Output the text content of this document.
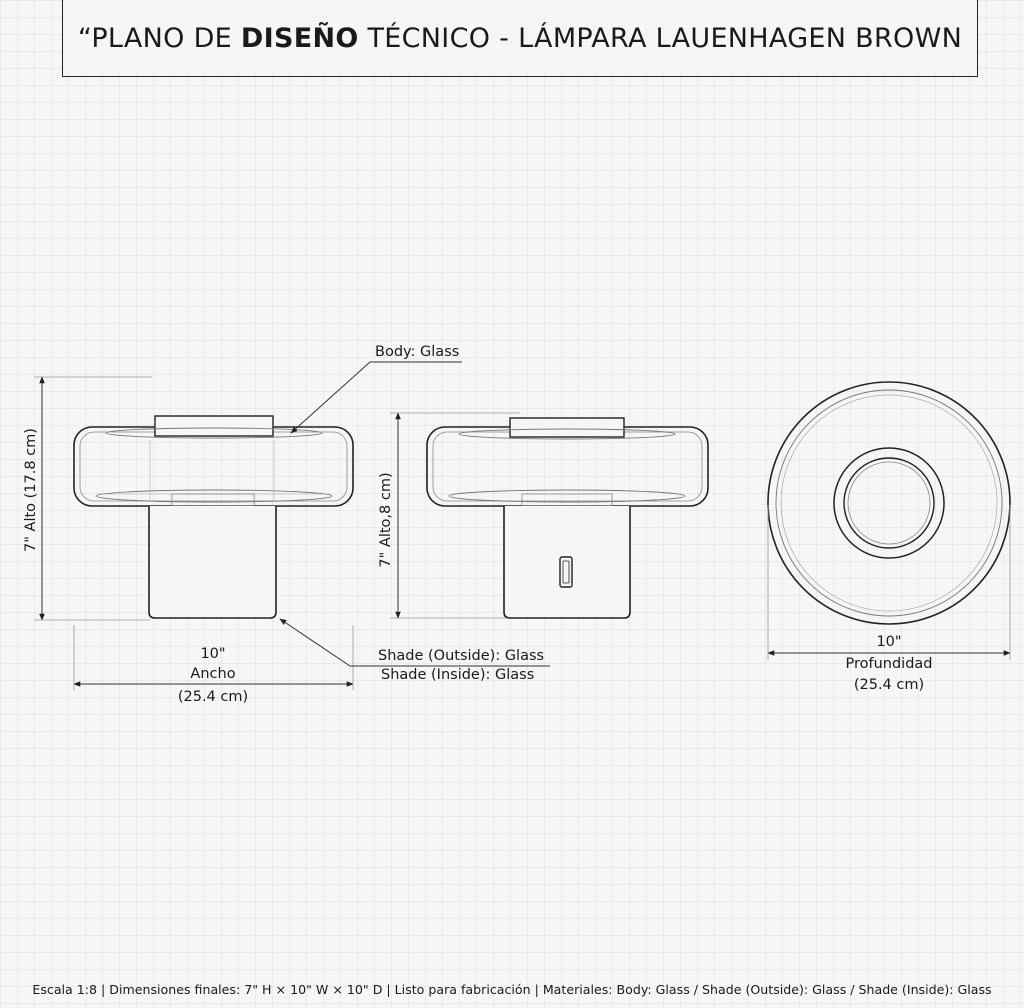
“PLANO DE DISEÑO TÉCNICO - LÁMPARA LAUENHAGEN BROWN
7" Alto (17.8 cm)	7" Alto,8 cm)
10"
Ancho
(25.4 cm)
Body: Glass
Shade (Outside): Glass
Shade (Inside): Glass
10"
Profundidad
(25.4 cm)
Escala 1:8 | Dimensiones finales: 7" H × 10" W × 10" D | Listo para fabricación | Materiales: Body: Glass / Shade (Outside): Glass / Shade (Inside): Glass
